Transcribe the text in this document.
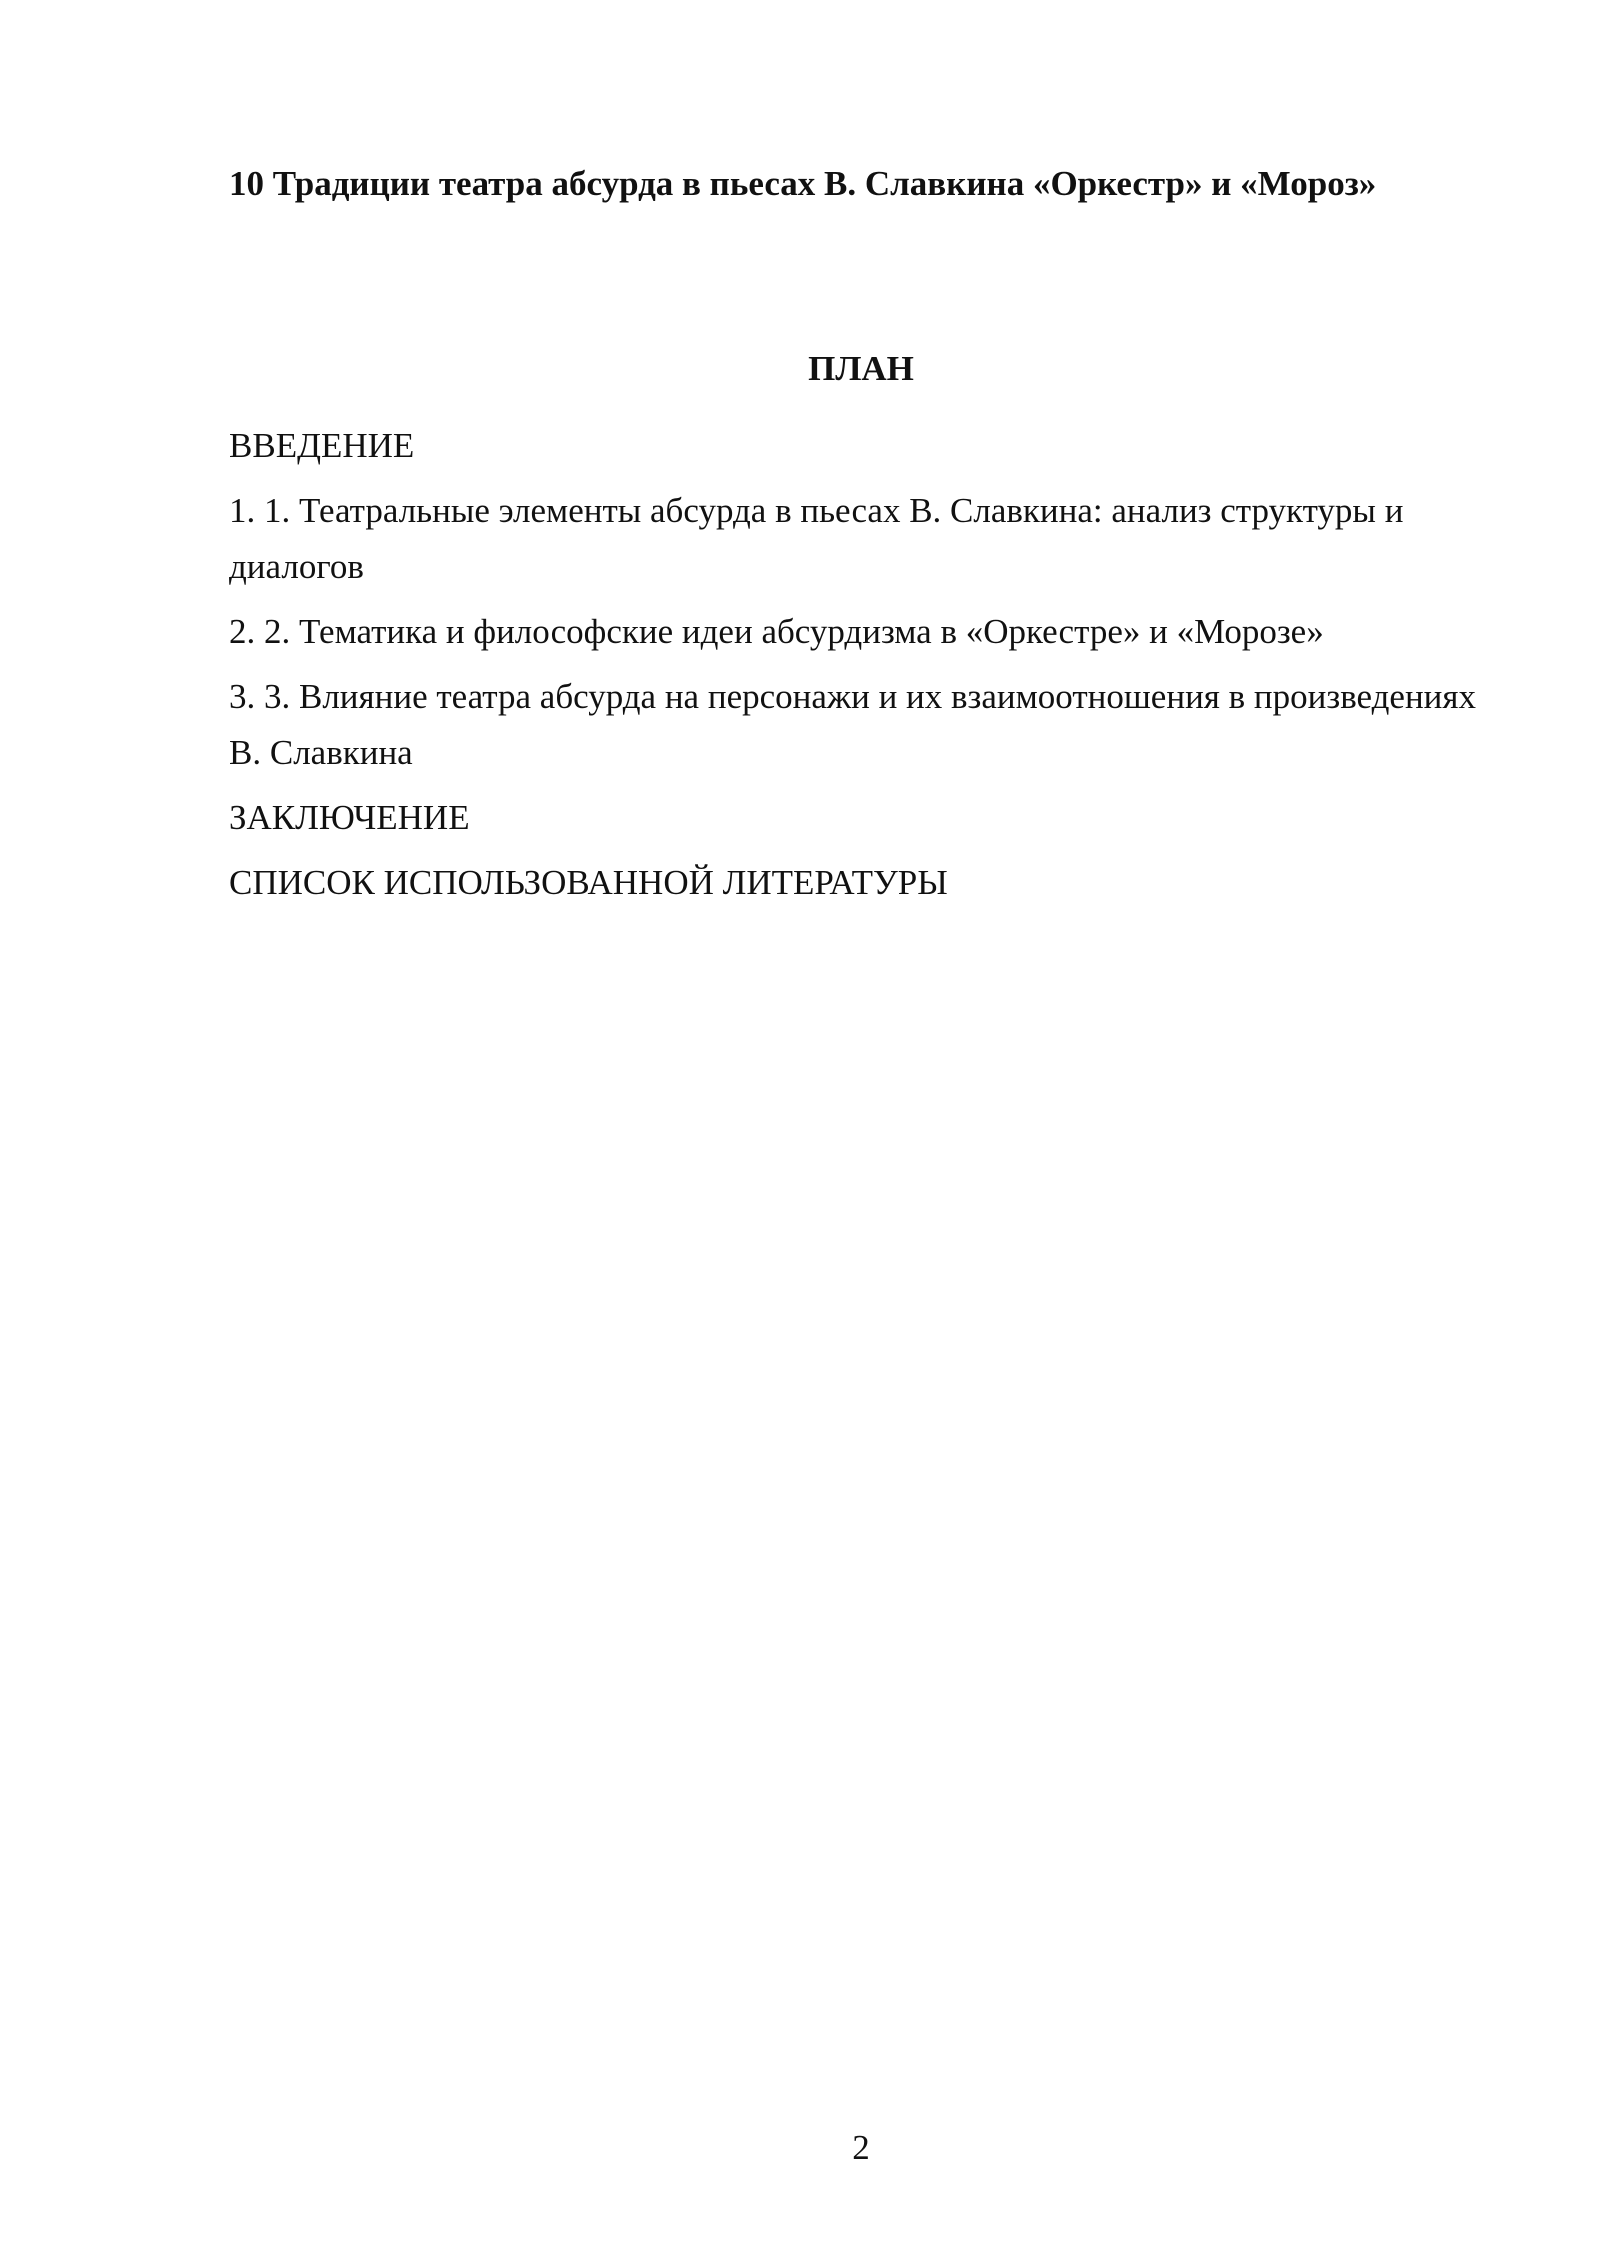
10 Традиции театра абсурда в пьесах В. Славкина «Оркестр» и «Мороз»
ПЛАН
ВВЕДЕНИЕ
1. 1. Театральные элементы абсурда в пьесах В. Славкина: анализ структуры и диалогов
2. 2. Тематика и философские идеи абсурдизма в «Оркестре» и «Морозе»
3. 3. Влияние театра абсурда на персонажи и их взаимоотношения в произведениях В. Славкина
ЗАКЛЮЧЕНИЕ
СПИСОК ИСПОЛЬЗОВАННОЙ ЛИТЕРАТУРЫ
2
